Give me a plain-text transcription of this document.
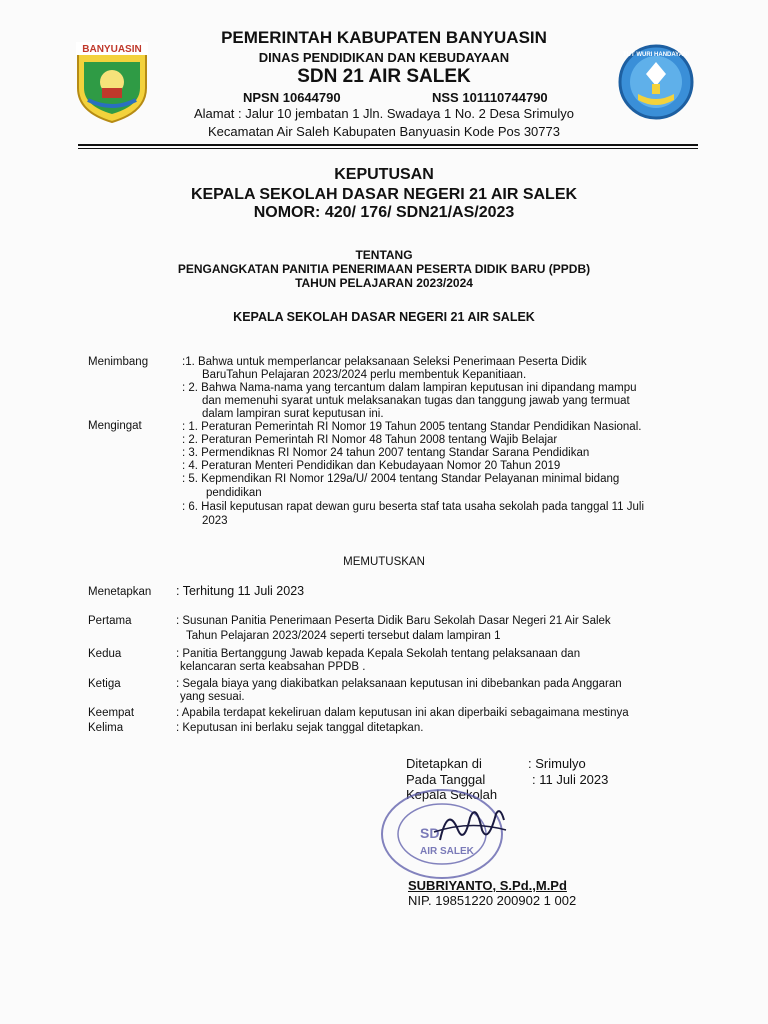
BANYUASIN	TUT WURI HANDAYANI
PEMERINTAH KABUPATEN BANYUASIN
DINAS PENDIDIKAN DAN KEBUDAYAAN
SDN 21 AIR SALEK
NPSN 10644790	NSS 101110744790
Alamat : Jalur 10 jembatan 1 Jln. Swadaya 1 No. 2 Desa Srimulyo
Kecamatan Air Saleh Kabupaten Banyuasin Kode Pos 30773
KEPUTUSAN
KEPALA SEKOLAH DASAR NEGERI 21 AIR SALEK
NOMOR: 420/ 176/ SDN21/AS/2023
TENTANG
PENGANGKATAN PANITIA PENERIMAAN PESERTA DIDIK BARU (PPDB)
TAHUN PELAJARAN 2023/2024
KEPALA SEKOLAH DASAR NEGERI 21 AIR SALEK
Menimbang	:1. Bahwa untuk memperlancar pelaksanaan Seleksi Penerimaan Peserta Didik
BaruTahun Pelajaran 2023/2024 perlu membentuk Kepanitiaan.
: 2. Bahwa Nama-nama yang tercantum dalam lampiran keputusan ini dipandang mampu
dan memenuhi syarat untuk melaksanakan tugas dan tanggung jawab yang termuat
dalam lampiran surat keputusan ini.
Mengingat	: 1. Peraturan Pemerintah RI Nomor 19 Tahun 2005 tentang Standar Pendidikan Nasional.
: 2. Peraturan Pemerintah RI Nomor 48 Tahun 2008 tentang Wajib Belajar
: 3. Permendiknas RI Nomor 24 tahun 2007 tentang Standar Sarana Pendidikan
: 4. Peraturan Menteri Pendidikan dan Kebudayaan Nomor 20 Tahun 2019
: 5. Kepmendikan RI Nomor 129a/U/ 2004 tentang Standar Pelayanan minimal bidang
pendidikan
: 6. Hasil keputusan rapat dewan guru beserta staf tata usaha sekolah pada tanggal 11 Juli
2023
MEMUTUSKAN
Menetapkan : Terhitung 11 Juli 2023
Pertama	: Susunan Panitia Penerimaan Peserta Didik Baru Sekolah Dasar Negeri 21 Air Salek
Tahun Pelajaran 2023/2024 seperti tersebut dalam lampiran 1
Kedua	: Panitia Bertanggung Jawab kepada Kepala Sekolah tentang pelaksanaan dan
kelancaran serta keabsahan PPDB .
Ketiga	: Segala biaya yang diakibatkan pelaksanaan keputusan ini dibebankan pada Anggaran
yang sesuai.
Keempat	: Apabila terdapat kekeliruan dalam keputusan ini akan diperbaiki sebagaimana mestinya
Kelima	: Keputusan ini berlaku sejak tanggal ditetapkan.
Ditetapkan di	: Srimulyo
Pada Tanggal	: 11 Juli 2023
Kepala Sekolah
SD
AIR SALEK
SUBRIYANTO, S.Pd.,M.Pd
NIP. 19851220 200902 1 002
